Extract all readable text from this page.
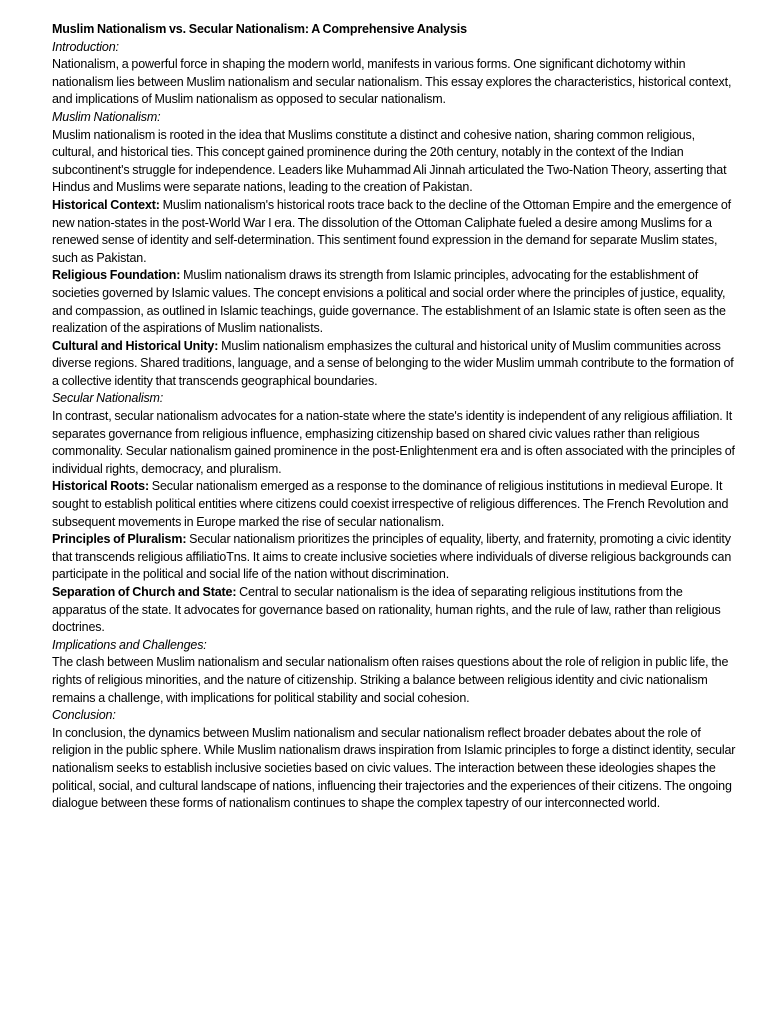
Muslim Nationalism vs. Secular Nationalism: A Comprehensive Analysis

Introduction:

Nationalism, a powerful force in shaping the modern world, manifests in various forms. One significant dichotomy within nationalism lies between Muslim nationalism and secular nationalism. This essay explores the characteristics, historical context, and implications of Muslim nationalism as opposed to secular nationalism.

Muslim Nationalism:

Muslim nationalism is rooted in the idea that Muslims constitute a distinct and cohesive nation, sharing common religious, cultural, and historical ties. This concept gained prominence during the 20th century, notably in the context of the Indian subcontinent's struggle for independence. Leaders like Muhammad Ali Jinnah articulated the Two-Nation Theory, asserting that Hindus and Muslims were separate nations, leading to the creation of Pakistan.

Historical Context: Muslim nationalism's historical roots trace back to the decline of the Ottoman Empire and the emergence of new nation-states in the post-World War I era. The dissolution of the Ottoman Caliphate fueled a desire among Muslims for a renewed sense of identity and self-determination. This sentiment found expression in the demand for separate Muslim states, such as Pakistan.

Religious Foundation: Muslim nationalism draws its strength from Islamic principles, advocating for the establishment of societies governed by Islamic values. The concept envisions a political and social order where the principles of justice, equality, and compassion, as outlined in Islamic teachings, guide governance. The establishment of an Islamic state is often seen as the realization of the aspirations of Muslim nationalists.

Cultural and Historical Unity: Muslim nationalism emphasizes the cultural and historical unity of Muslim communities across diverse regions. Shared traditions, language, and a sense of belonging to the wider Muslim ummah contribute to the formation of a collective identity that transcends geographical boundaries.

Secular Nationalism:

In contrast, secular nationalism advocates for a nation-state where the state's identity is independent of any religious affiliation. It separates governance from religious influence, emphasizing citizenship based on shared civic values rather than religious commonality. Secular nationalism gained prominence in the post-Enlightenment era and is often associated with the principles of individual rights, democracy, and pluralism.

Historical Roots: Secular nationalism emerged as a response to the dominance of religious institutions in medieval Europe. It sought to establish political entities where citizens could coexist irrespective of religious differences. The French Revolution and subsequent movements in Europe marked the rise of secular nationalism.

Principles of Pluralism: Secular nationalism prioritizes the principles of equality, liberty, and fraternity, promoting a civic identity that transcends religious affiliatioTns. It aims to create inclusive societies where individuals of diverse religious backgrounds can participate in the political and social life of the nation without discrimination.

Separation of Church and State: Central to secular nationalism is the idea of separating religious institutions from the apparatus of the state. It advocates for governance based on rationality, human rights, and the rule of law, rather than religious doctrines.

Implications and Challenges:

The clash between Muslim nationalism and secular nationalism often raises questions about the role of religion in public life, the rights of religious minorities, and the nature of citizenship. Striking a balance between religious identity and civic nationalism remains a challenge, with implications for political stability and social cohesion.

Conclusion:

In conclusion, the dynamics between Muslim nationalism and secular nationalism reflect broader debates about the role of religion in the public sphere. While Muslim nationalism draws inspiration from Islamic principles to forge a distinct identity, secular nationalism seeks to establish inclusive societies based on civic values. The interaction between these ideologies shapes the political, social, and cultural landscape of nations, influencing their trajectories and the experiences of their citizens. The ongoing dialogue between these forms of nationalism continues to shape the complex tapestry of our interconnected world.
